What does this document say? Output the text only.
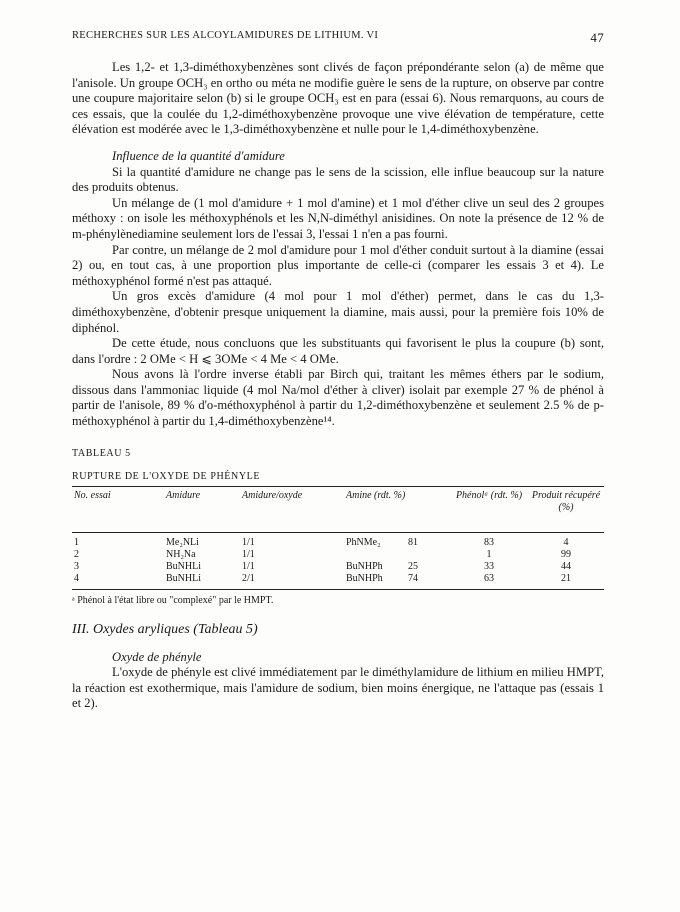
RECHERCHES SUR LES ALCOYLAMIDURES DE LITHIUM. VI	47

Les 1,2- et 1,3-diméthoxybenzènes sont clivés de façon prépondérante selon (a) de même que l'anisole. Un groupe OCH₃ en ortho ou méta ne modifie guère le sens de la rupture, on observe par contre une coupure majoritaire selon (b) si le groupe OCH₃ est en para (essai 6). Nous remarquons, au cours de ces essais, que la coulée du 1,2-diméthoxybenzène provoque une vive élévation de température, cette élévation est modérée avec le 1,3-diméthoxybenzène et nulle pour le 1,4-diméthoxybenzène.

Influence de la quantité d'amidure

Si la quantité d'amidure ne change pas le sens de la scission, elle influe beaucoup sur la nature des produits obtenus.

Un mélange de (1 mol d'amidure + 1 mol d'amine) et 1 mol d'éther clive un seul des 2 groupes méthoxy : on isole les méthoxyphénols et les N,N-diméthyl anisidines. On note la présence de 12 % de m-phénylènediamine seulement lors de l'essai 3, l'essai 1 n'en a pas fourni.

Par contre, un mélange de 2 mol d'amidure pour 1 mol d'éther conduit surtout à la diamine (essai 2) ou, en tout cas, à une proportion plus importante de celle-ci (comparer les essais 3 et 4). Le méthoxyphénol formé n'est pas attaqué.

Un gros excès d'amidure (4 mol pour 1 mol d'éther) permet, dans le cas du 1,3-diméthoxybenzène, d'obtenir presque uniquement la diamine, mais aussi, pour la première fois 10% de diphénol.

De cette étude, nous concluons que les substituants qui favorisent le plus la coupure (b) sont, dans l'ordre : 2 OMe < H ⩽ 3OMe < 4 Me < 4 OMe.

Nous avons là l'ordre inverse établi par Birch qui, traitant les mêmes éthers par le sodium, dissous dans l'ammoniac liquide (4 mol Na/mol d'éther à cliver) isolait par exemple 27 % de phénol à partir de l'anisole, 89 % d'o-méthoxyphénol à partir du 1,2-diméthoxybenzène et seulement 2.5 % de p-méthoxyphénol à partir du 1,4-diméthoxybenzène¹⁴.

TABLEAU 5
RUPTURE DE L'OXYDE DE PHÉNYLE
No. essai	Amidure	Amidure/oxyde	Amine (rdt. %)		Phénolᵃ (rdt. %)	Produit récupéré (%)
1	Me₂NLi	1/1	PhNMe₂	81	83	4
2	NH₂Na	1/1			1	99
3	BuNHLi	1/1	BuNHPh	25	33	44
4	BuNHLi	2/1	BuNHPh	74	63	21
ᵃ Phénol à l'état libre ou "complexé" par le HMPT.
III. Oxydes aryliques (Tableau 5)
Oxyde de phényle

L'oxyde de phényle est clivé immédiatement par le diméthylamidure de lithium en milieu HMPT, la réaction est exothermique, mais l'amidure de sodium, bien moins énergique, ne l'attaque pas (essais 1 et 2).
